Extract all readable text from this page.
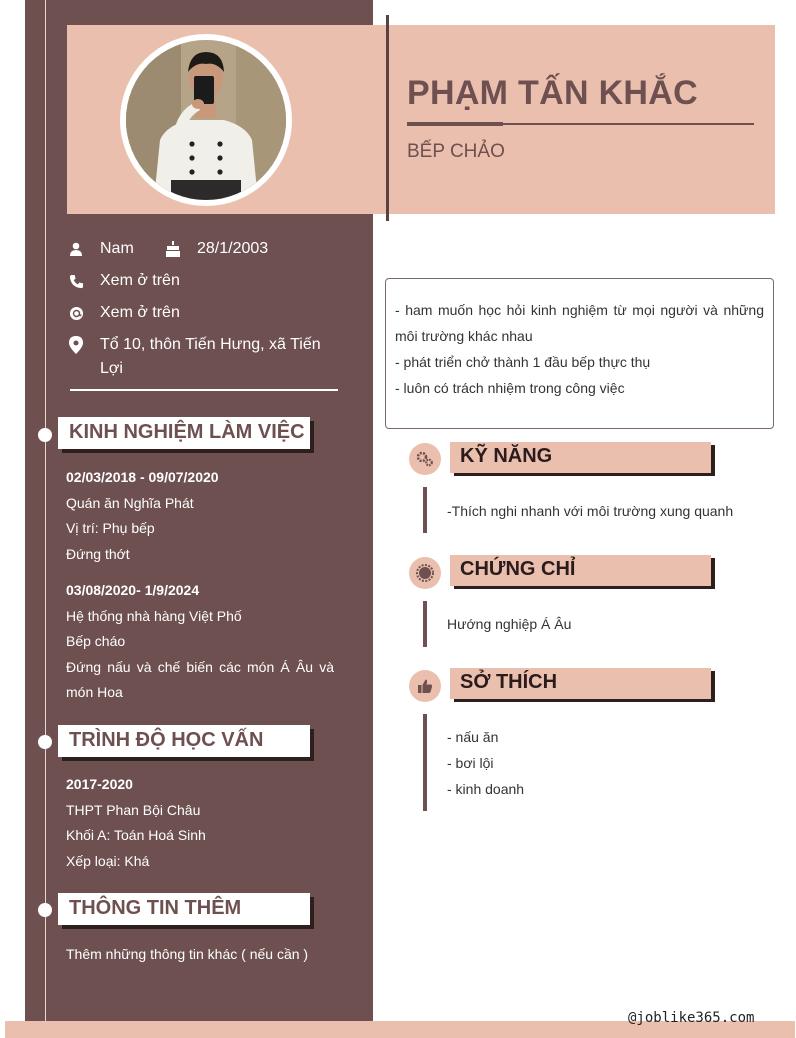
PHẠM TẤN KHẮC
BẾP CHẢO
Nam	28/1/2003
Xem ở trên
Xem ở trên
Tổ 10, thôn Tiến Hưng, xã Tiến
Lợi
KINH NGHIỆM LÀM VIỆC
02/03/2018 - 09/07/2020
Quán ăn Nghĩa Phát
Vị trí: Phụ bếp
Đứng thớt
03/08/2020- 1/9/2024
Hệ thống nhà hàng Việt Phố
Bếp cháo
Đứng nấu và chế biến các món Á Âu và
món Hoa
TRÌNH ĐỘ HỌC VẤN
2017-2020
THPT Phan Bội Châu
Khối A: Toán Hoá Sinh
Xếp loại: Khá
THÔNG TIN THÊM
Thêm những thông tin khác ( nếu cần )
- ham muốn học hỏi kinh nghiệm từ mọi người và những môi trường khác nhau
- phát triển chở thành 1 đầu bếp thực thụ
- luôn có trách nhiệm trong công việc
KỸ NĂNG
-Thích nghi nhanh với môi trường xung quanh
CHỨNG CHỈ
Hướng nghiệp Á Âu
SỞ THÍCH
- nấu ăn
- bơi lội
- kinh doanh
@joblike365.com
